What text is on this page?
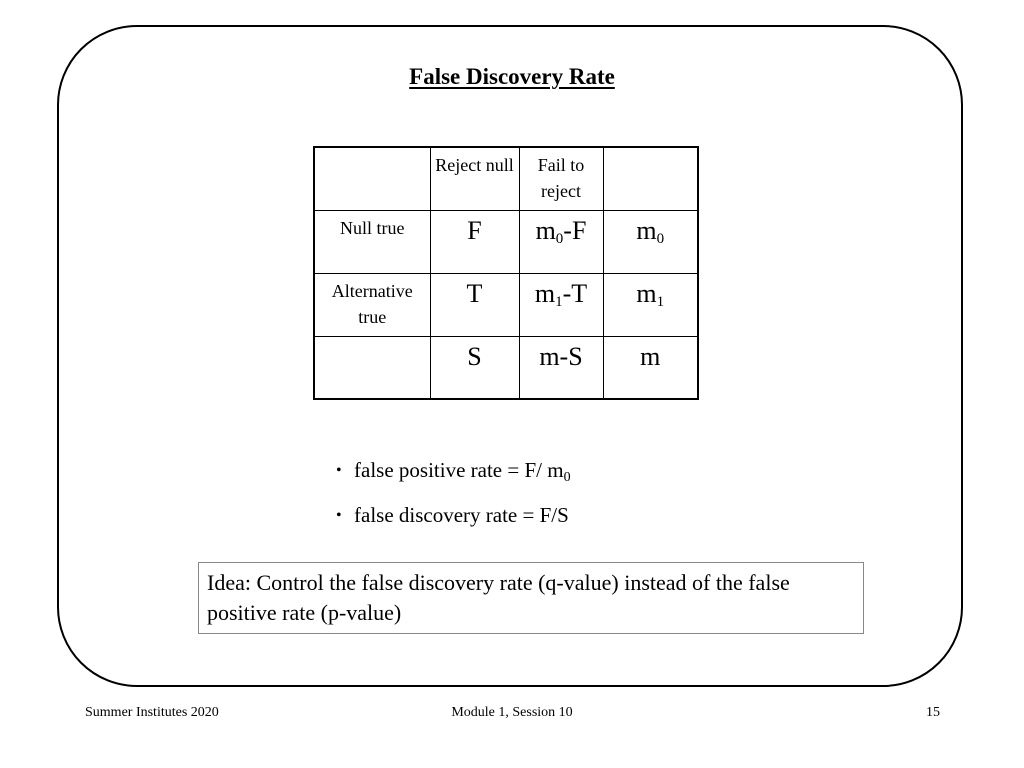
False Discovery Rate
	Reject null	Fail to reject	
Null true	F	$m_0-F$	$m_0$
Alternative true	T	$m_1-T$	$m_1$
	S	m-S	m
• false positive rate = F/ $m_0$
• false discovery rate = F/S
Idea: Control the false discovery rate (q-value) instead of the false positive rate (p-value)
Summer Institutes 2020	Module 1, Session 10	15
